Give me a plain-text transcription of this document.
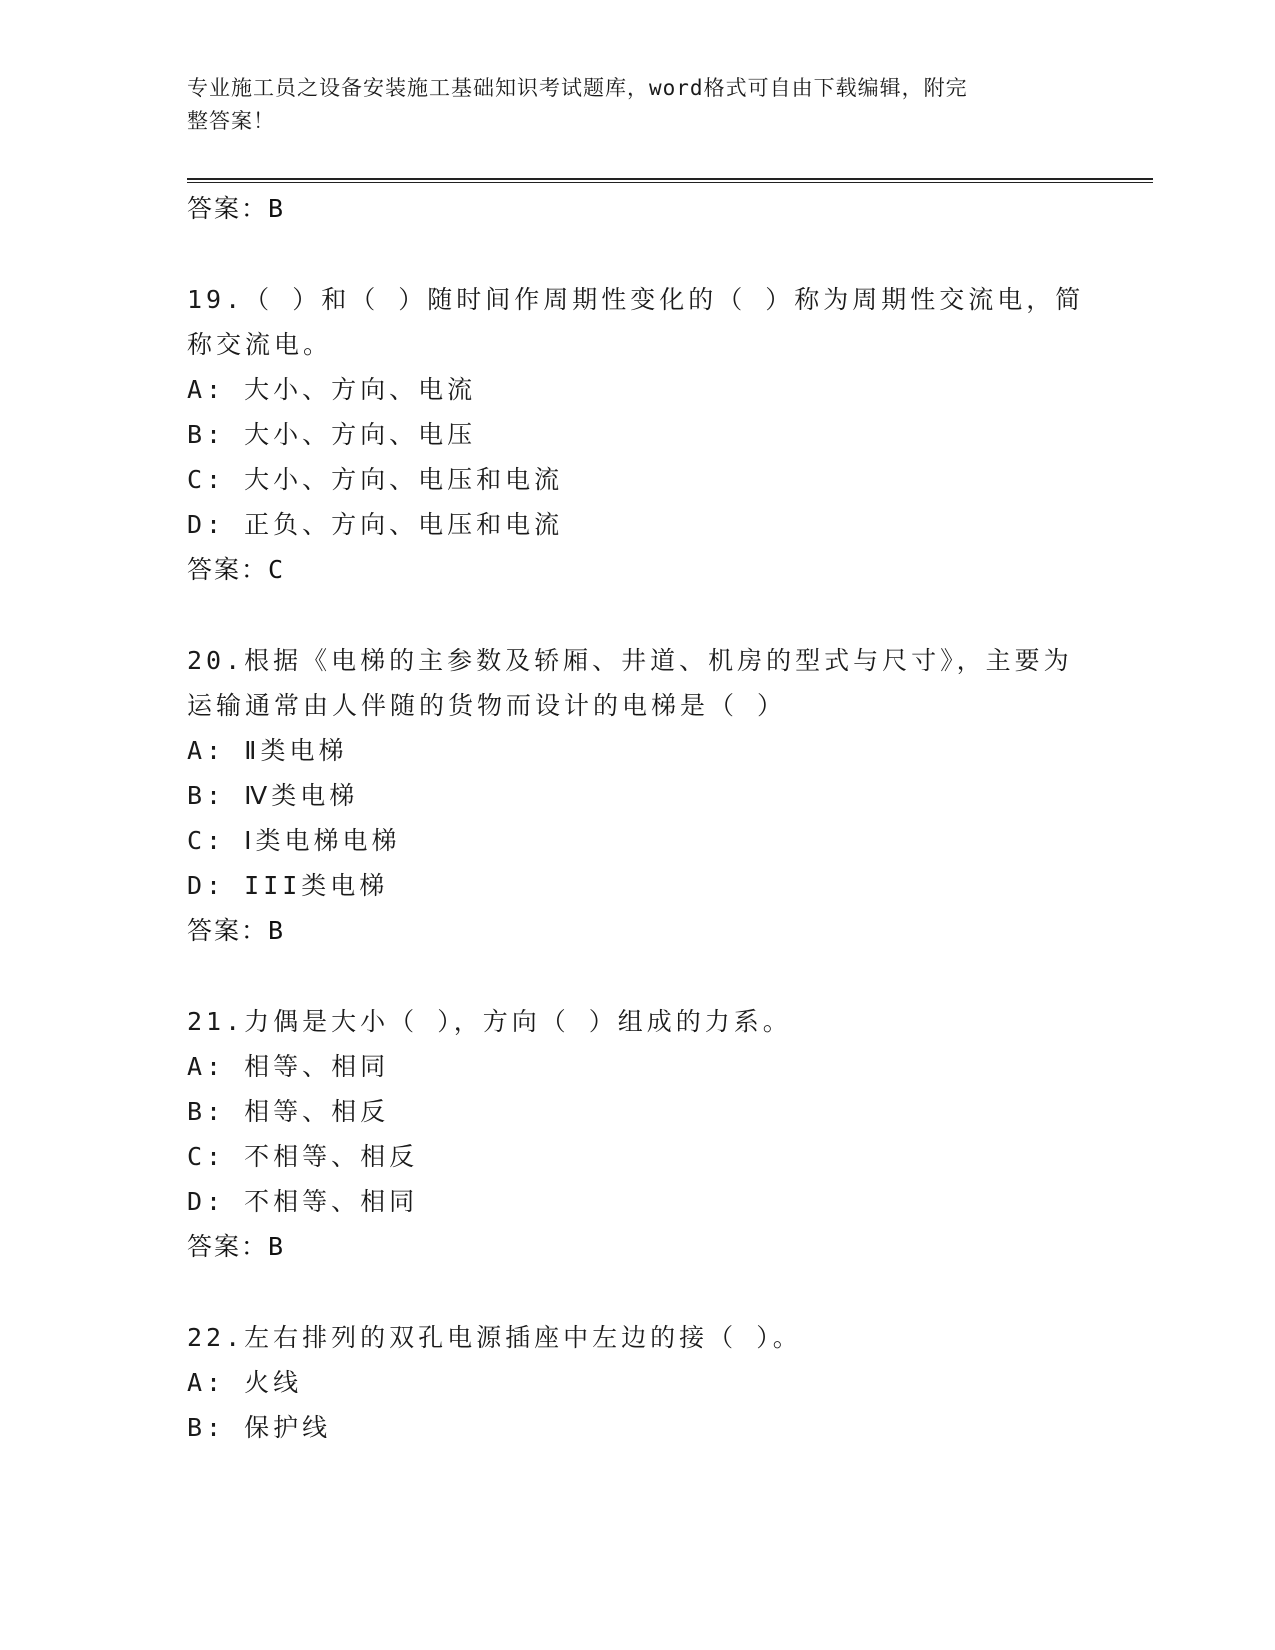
专业施工员之设备安装施工基础知识考试题库，word格式可自由下载编辑，附完
整答案！
答案：B
19.（ ）和（ ）随时间作周期性变化的（ ）称为周期性交流电，简
称交流电。
A: 大小、方向、电流
B: 大小、方向、电压
C: 大小、方向、电压和电流
D: 正负、方向、电压和电流
答案：C
20.根据《电梯的主参数及轿厢、井道、机房的型式与尺寸》，主要为
运输通常由人伴随的货物而设计的电梯是（ ）
A: Ⅱ类电梯
B: Ⅳ类电梯
C: Ⅰ类电梯电梯
D: III类电梯
答案：B
21.力偶是大小（ ），方向（ ）组成的力系。
A: 相等、相同
B: 相等、相反
C: 不相等、相反
D: 不相等、相同
答案：B
22.左右排列的双孔电源插座中左边的接（ ）。
A: 火线
B: 保护线
